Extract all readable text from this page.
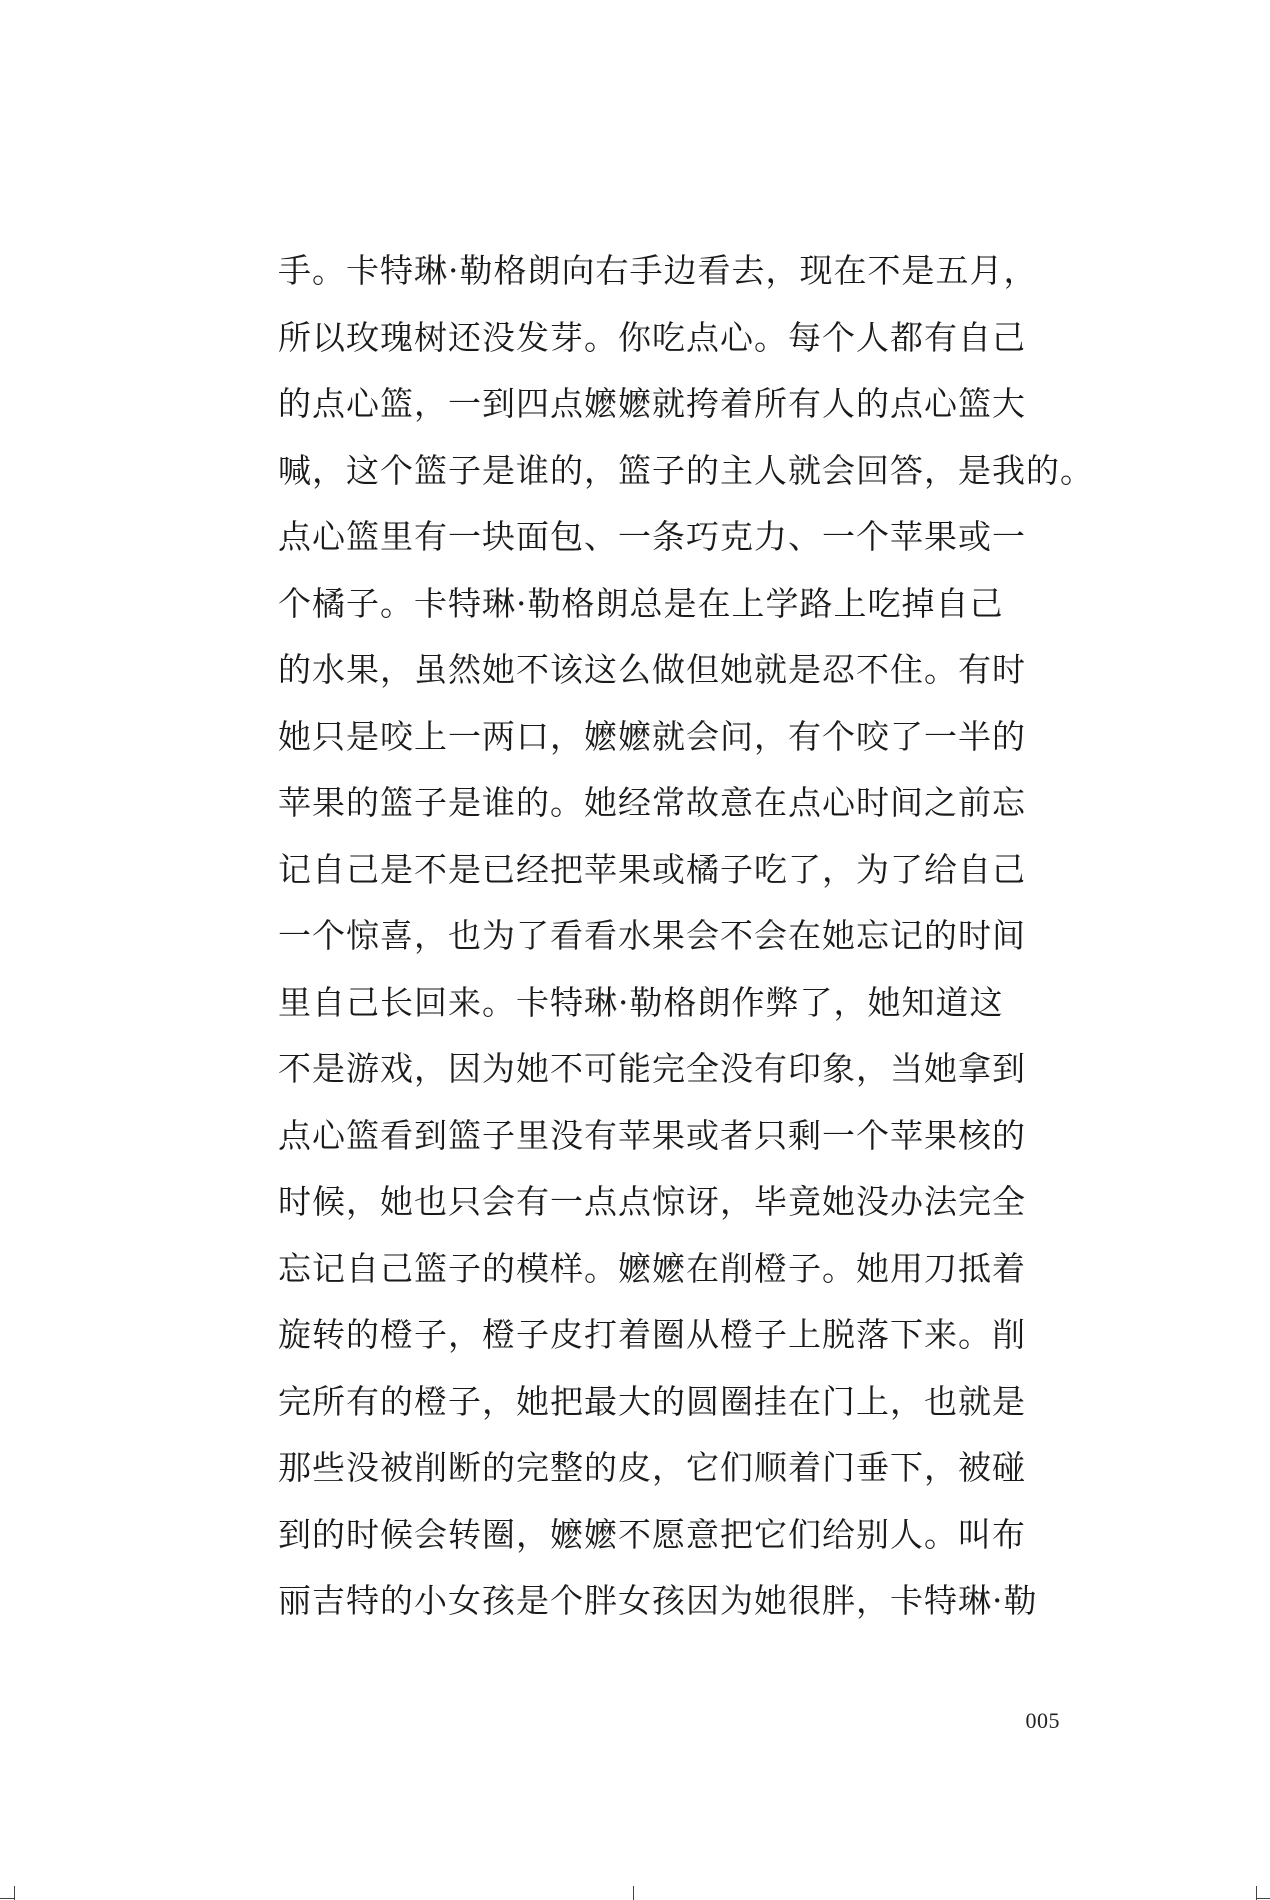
手。卡特琳·勒格朗向右手边看去，现在不是五月，
所以玫瑰树还没发芽。你吃点心。每个人都有自己
的点心篮，一到四点嬷嬷就挎着所有人的点心篮大
喊，这个篮子是谁的，篮子的主人就会回答，是我的。
点心篮里有一块面包、一条巧克力、一个苹果或一
个橘子。卡特琳·勒格朗总是在上学路上吃掉自己
的水果，虽然她不该这么做但她就是忍不住。有时
她只是咬上一两口，嬷嬷就会问，有个咬了一半的
苹果的篮子是谁的。她经常故意在点心时间之前忘
记自己是不是已经把苹果或橘子吃了，为了给自己
一个惊喜，也为了看看水果会不会在她忘记的时间
里自己长回来。卡特琳·勒格朗作弊了，她知道这
不是游戏，因为她不可能完全没有印象，当她拿到
点心篮看到篮子里没有苹果或者只剩一个苹果核的
时候，她也只会有一点点惊讶，毕竟她没办法完全
忘记自己篮子的模样。嬷嬷在削橙子。她用刀抵着
旋转的橙子，橙子皮打着圈从橙子上脱落下来。削
完所有的橙子，她把最大的圆圈挂在门上，也就是
那些没被削断的完整的皮，它们顺着门垂下，被碰
到的时候会转圈，嬷嬷不愿意把它们给别人。叫布
丽吉特的小女孩是个胖女孩因为她很胖，卡特琳·勒
005
